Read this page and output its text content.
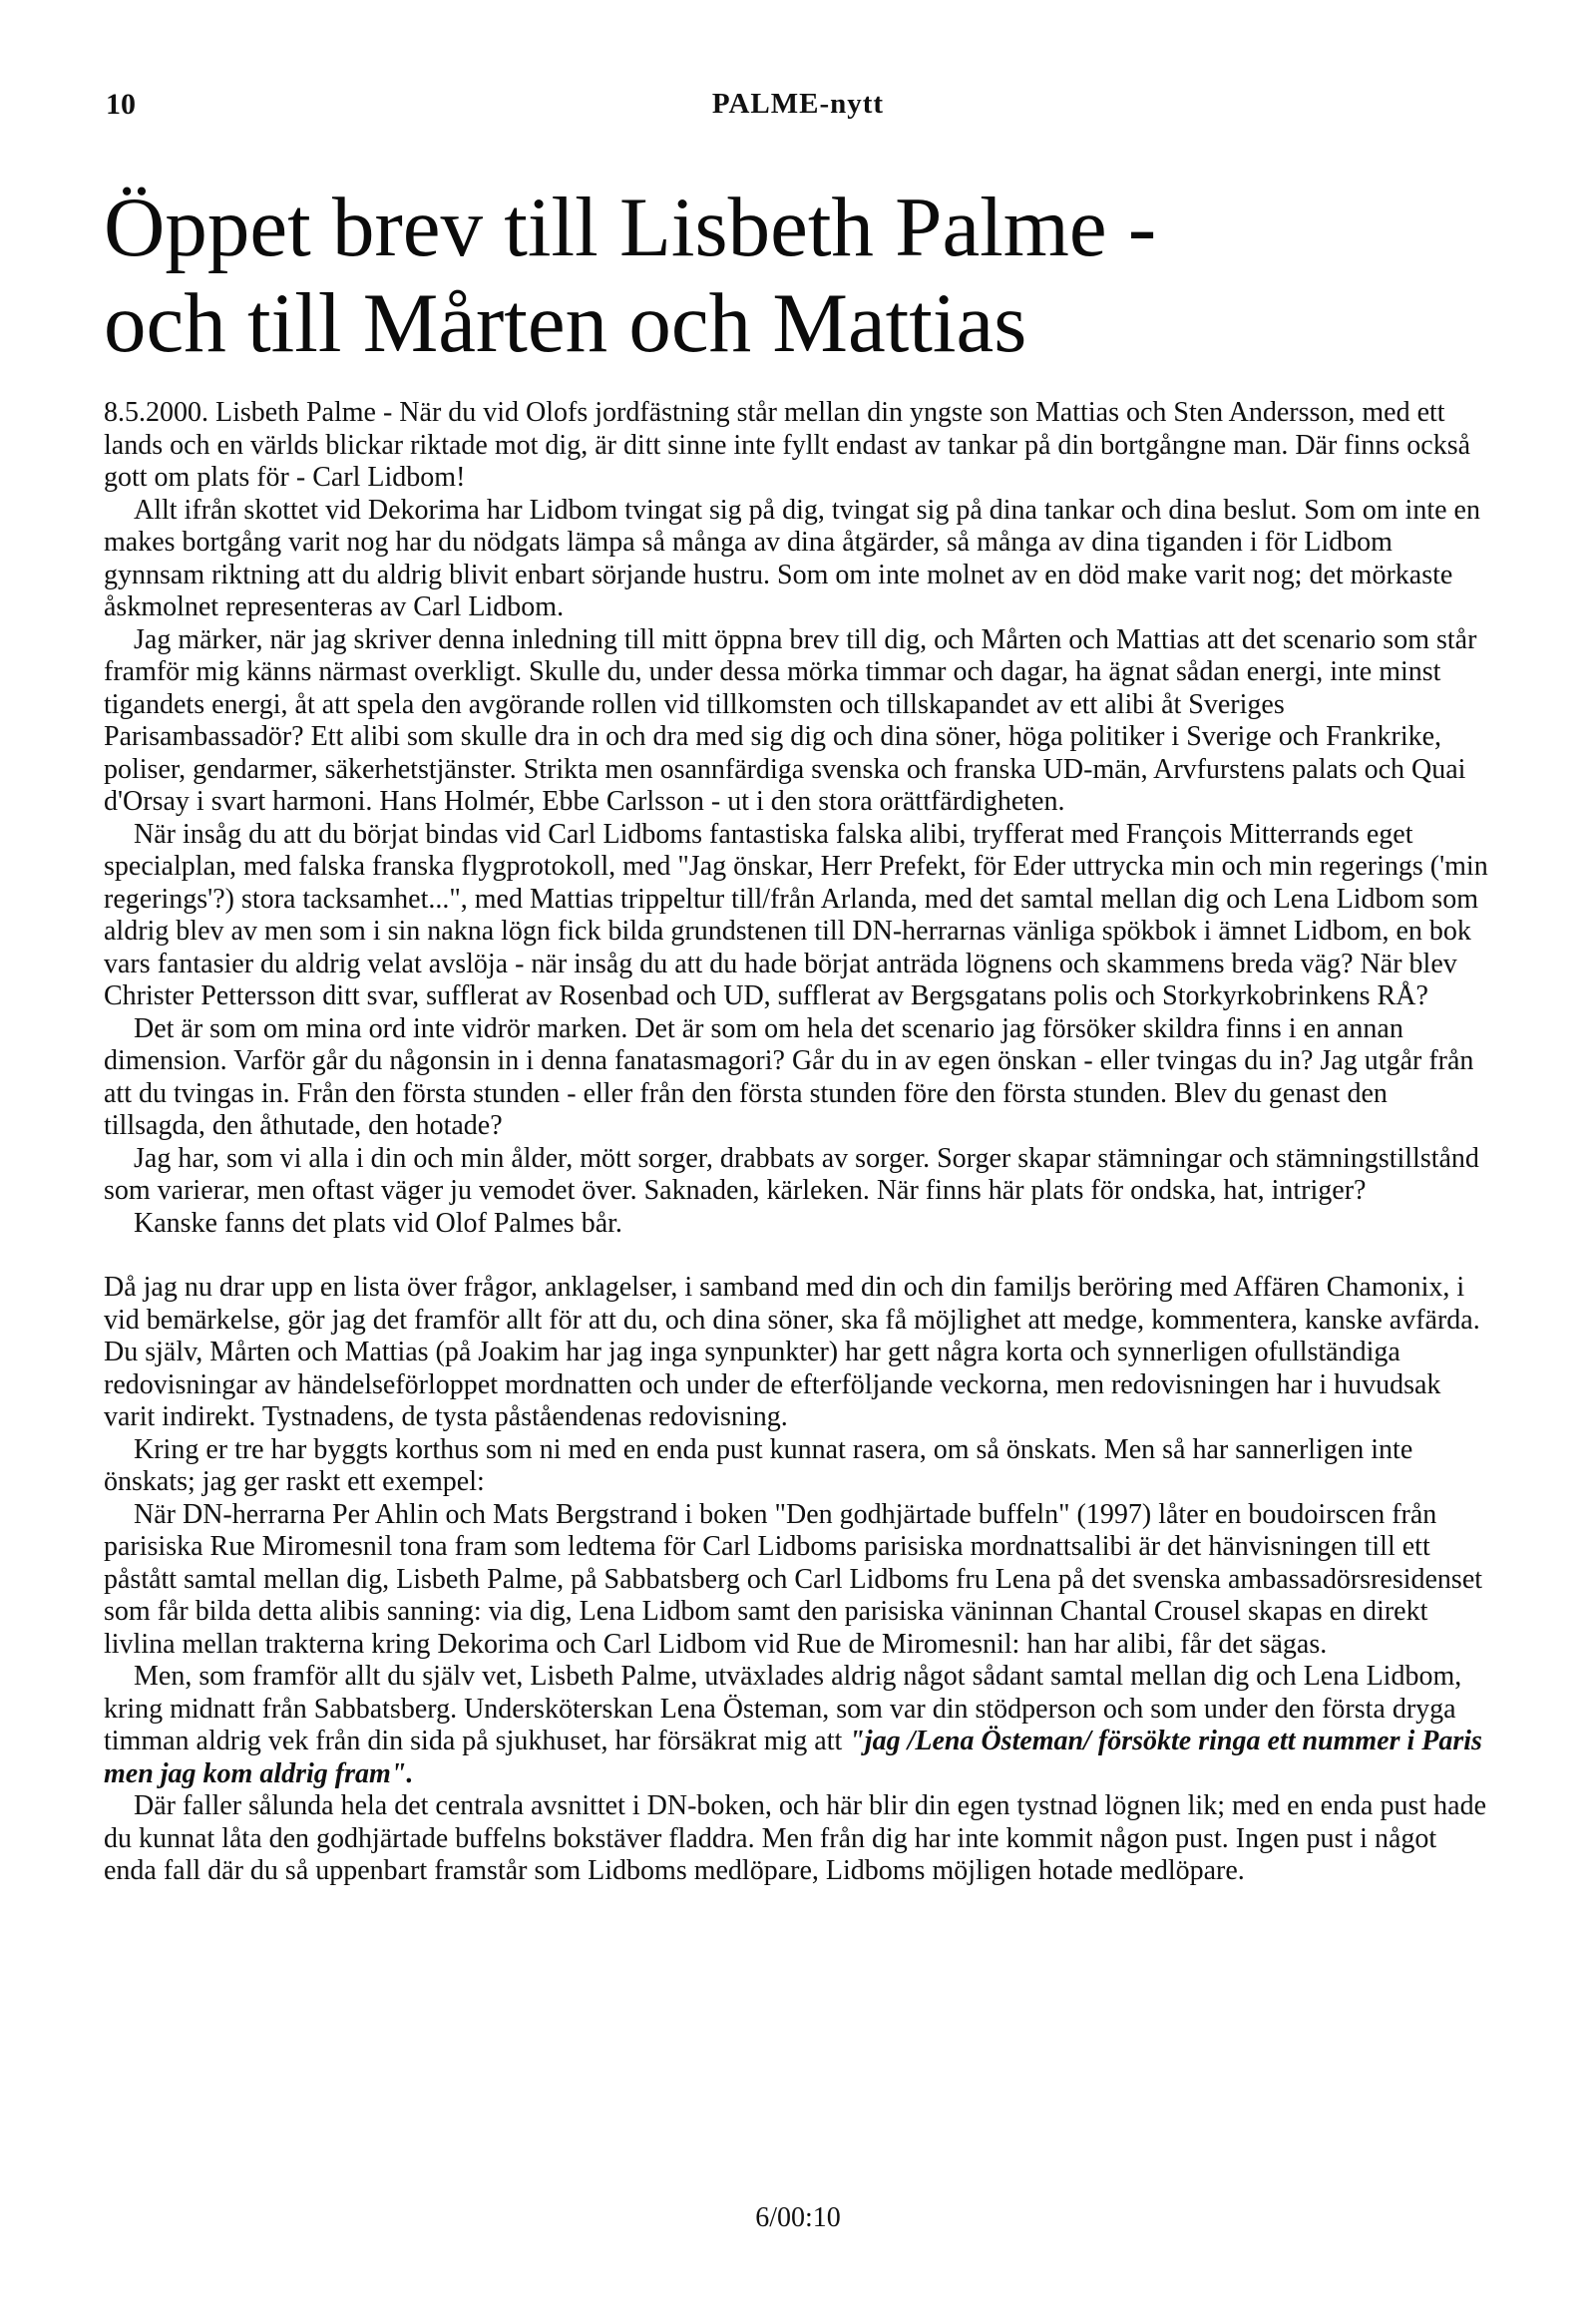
10	PALME-nytt
Öppet brev till Lisbeth Palme -
och till Mårten och Mattias

8.5.2000. Lisbeth Palme - När du vid Olofs jordfästning står mellan din yngste son Mattias och Sten Andersson, med ett lands och en världs blickar riktade mot dig, är ditt sinne inte fyllt endast av tankar på din bortgångne man. Där finns också gott om plats för - Carl Lidbom!

Allt ifrån skottet vid Dekorima har Lidbom tvingat sig på dig, tvingat sig på dina tankar och dina beslut. Som om inte en makes bortgång varit nog har du nödgats lämpa så många av dina åtgärder, så många av dina tiganden i för Lidbom gynnsam riktning att du aldrig blivit enbart sörjande hustru. Som om inte molnet av en död make varit nog; det mörkaste åskmolnet representeras av Carl Lidbom.

Jag märker, när jag skriver denna inledning till mitt öppna brev till dig, och Mårten och Mattias att det scenario som står framför mig känns närmast overkligt. Skulle du, under dessa mörka timmar och dagar, ha ägnat sådan energi, inte minst tigandets energi, åt att spela den avgörande rollen vid tillkomsten och tillskapandet av ett alibi åt Sveriges Parisambassadör? Ett alibi som skulle dra in och dra med sig dig och dina söner, höga politiker i Sverige och Frankrike, poliser, gendarmer, säkerhetstjänster. Strikta men osannfärdiga svenska och franska UD-män, Arvfurstens palats och Quai d'Orsay i svart harmoni. Hans Holmér, Ebbe Carlsson - ut i den stora orättfärdigheten.

När insåg du att du börjat bindas vid Carl Lidboms fantastiska falska alibi, tryfferat med François Mitterrands eget specialplan, med falska franska flygprotokoll, med "Jag önskar, Herr Prefekt, för Eder uttrycka min och min regerings ('min regerings'?) stora tacksamhet...", med Mattias trippeltur till/från Arlanda, med det samtal mellan dig och Lena Lidbom som aldrig blev av men som i sin nakna lögn fick bilda grundstenen till DN-herrarnas vänliga spökbok i ämnet Lidbom, en bok vars fantasier du aldrig velat avslöja - när insåg du att du hade börjat anträda lögnens och skammens breda väg? När blev Christer Pettersson ditt svar, sufflerat av Rosenbad och UD, sufflerat av Bergsgatans polis och Storkyrkobrinkens RÅ?

Det är som om mina ord inte vidrör marken. Det är som om hela det scenario jag försöker skildra finns i en annan dimension. Varför går du någonsin in i denna fanatasmagori? Går du in av egen önskan - eller tvingas du in? Jag utgår från att du tvingas in. Från den första stunden - eller från den första stunden före den första stunden. Blev du genast den tillsagda, den åthutade, den hotade?

Jag har, som vi alla i din och min ålder, mött sorger, drabbats av sorger. Sorger skapar stämningar och stämningstillstånd som varierar, men oftast väger ju vemodet över. Saknaden, kärleken. När finns här plats för ondska, hat, intriger?

Kanske fanns det plats vid Olof Palmes bår.

Då jag nu drar upp en lista över frågor, anklagelser, i samband med din och din familjs beröring med Affären Chamonix, i vid bemärkelse, gör jag det framför allt för att du, och dina söner, ska få möjlighet att medge, kommentera, kanske avfärda. Du själv, Mårten och Mattias (på Joakim har jag inga synpunkter) har gett några korta och synnerligen ofullständiga redovisningar av händelseförloppet mordnatten och under de efterföljande veckorna, men redovisningen har i huvudsak varit indirekt. Tystnadens, de tysta påståendenas redovisning.

Kring er tre har byggts korthus som ni med en enda pust kunnat rasera, om så önskats. Men så har sannerligen inte önskats; jag ger raskt ett exempel:

När DN-herrarna Per Ahlin och Mats Bergstrand i boken "Den godhjärtade buffeln" (1997) låter en boudoirscen från parisiska Rue Miromesnil tona fram som ledtema för Carl Lidboms parisiska mordnattsalibi är det hänvisningen till ett påstått samtal mellan dig, Lisbeth Palme, på Sabbatsberg och Carl Lidboms fru Lena på det svenska ambassadörsresidenset som får bilda detta alibis sanning: via dig, Lena Lidbom samt den parisiska väninnan Chantal Crousel skapas en direkt livlina mellan trakterna kring Dekorima och Carl Lidbom vid Rue de Miromesnil: han har alibi, får det sägas.

Men, som framför allt du själv vet, Lisbeth Palme, utväxlades aldrig något sådant samtal mellan dig och Lena Lidbom, kring midnatt från Sabbatsberg. Undersköterskan Lena Östeman, som var din stödperson och som under den första dryga timman aldrig vek från din sida på sjukhuset, har försäkrat mig att "jag /Lena Östeman/ försökte ringa ett nummer i Paris men jag kom aldrig fram".

Där faller sålunda hela det centrala avsnittet i DN-boken, och här blir din egen tystnad lögnen lik; med en enda pust hade du kunnat låta den godhjärtade buffelns bokstäver fladdra. Men från dig har inte kommit någon pust. Ingen pust i något enda fall där du så uppenbart framstår som Lidboms medlöpare, Lidboms möjligen hotade medlöpare.

6/00:10
